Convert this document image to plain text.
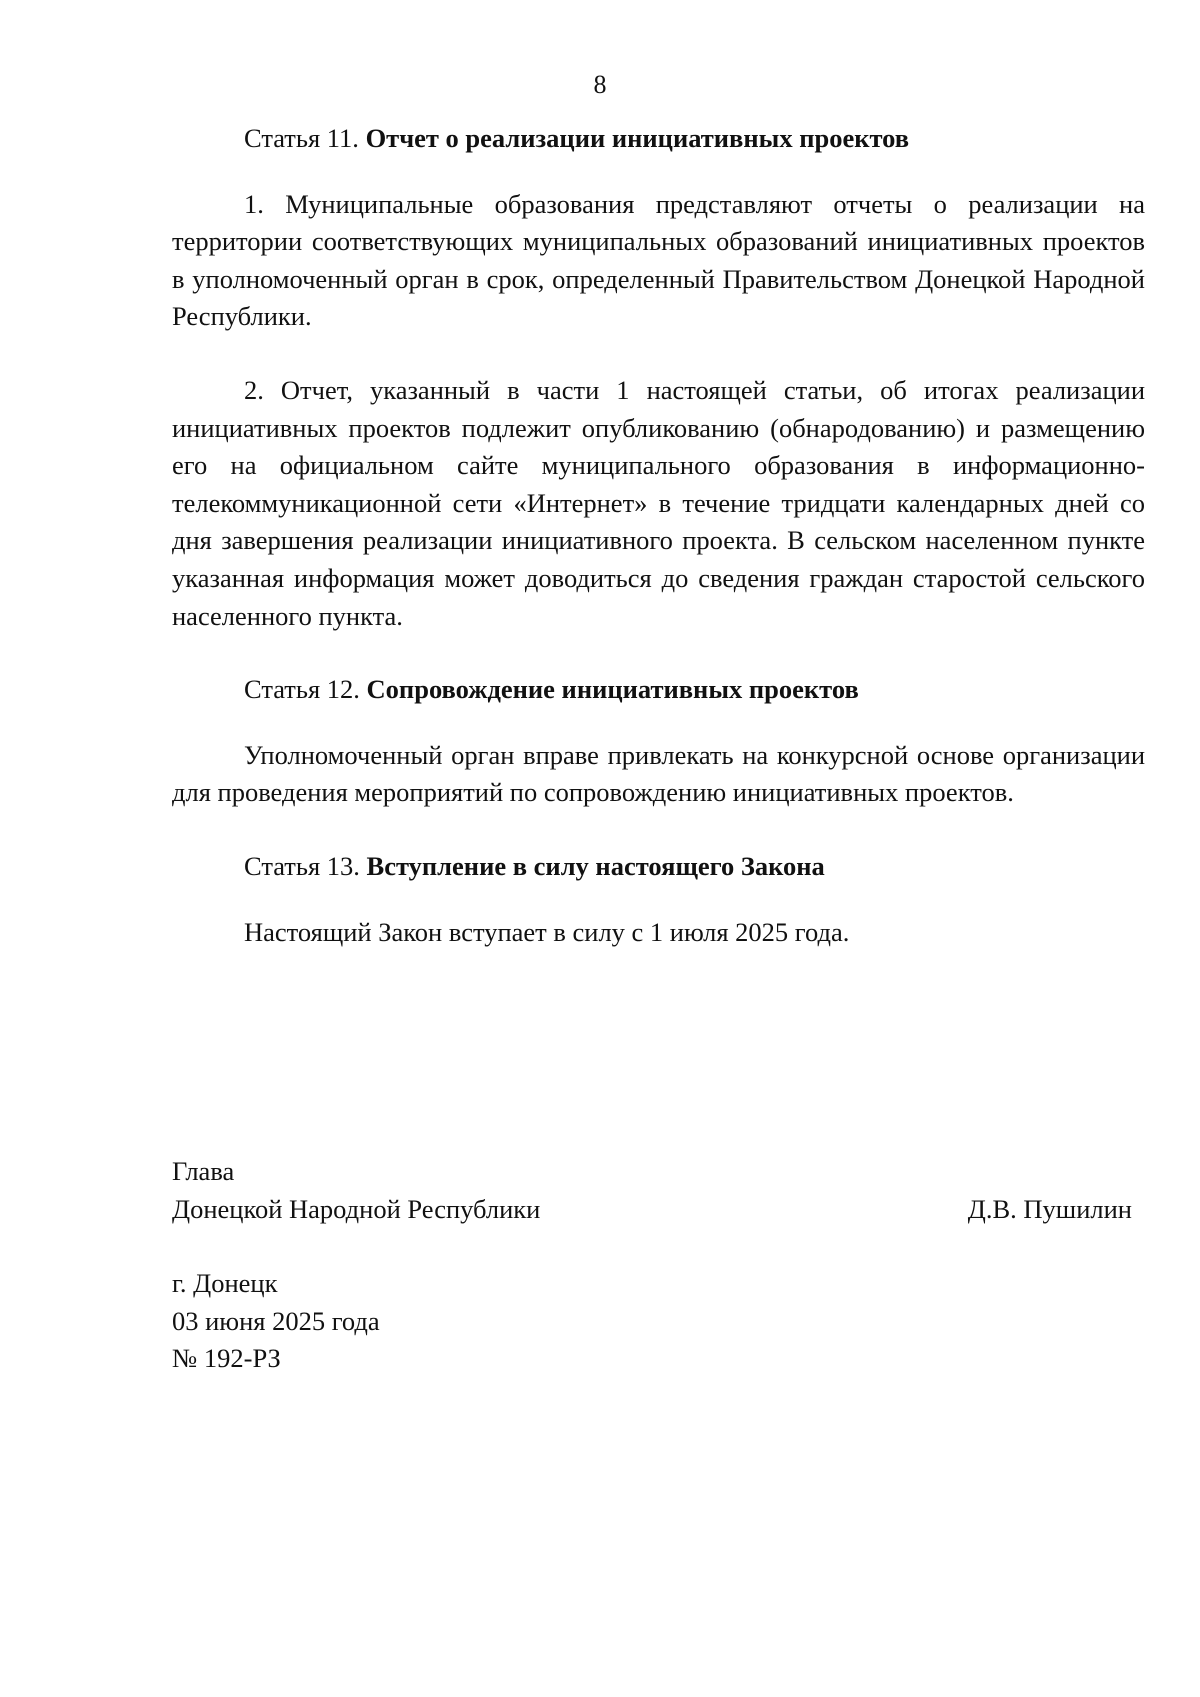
8

Статья 11. Отчет о реализации инициативных проектов

1. Муниципальные образования представляют отчеты о реализации на территории соответствующих муниципальных образований инициативных проектов в уполномоченный орган в срок, определенный Правительством Донецкой Народной Республики.

2. Отчет, указанный в части 1 настоящей статьи, об итогах реализации инициативных проектов подлежит опубликованию (обнародованию) и размещению его на официальном сайте муниципального образования в информационно-телекоммуникационной сети «Интернет» в течение тридцати календарных дней со дня завершения реализации инициативного проекта. В сельском населенном пункте указанная информация может доводиться до сведения граждан старостой сельского населенного пункта.

Статья 12. Сопровождение инициативных проектов

Уполномоченный орган вправе привлекать на конкурсной основе организации для проведения мероприятий по сопровождению инициативных проектов.

Статья 13. Вступление в силу настоящего Закона

Настоящий Закон вступает в силу с 1 июля 2025 года.

Глава
Донецкой Народной Республики	Д.В. Пушилин
г. Донецк
03 июня 2025 года
№ 192-РЗ
